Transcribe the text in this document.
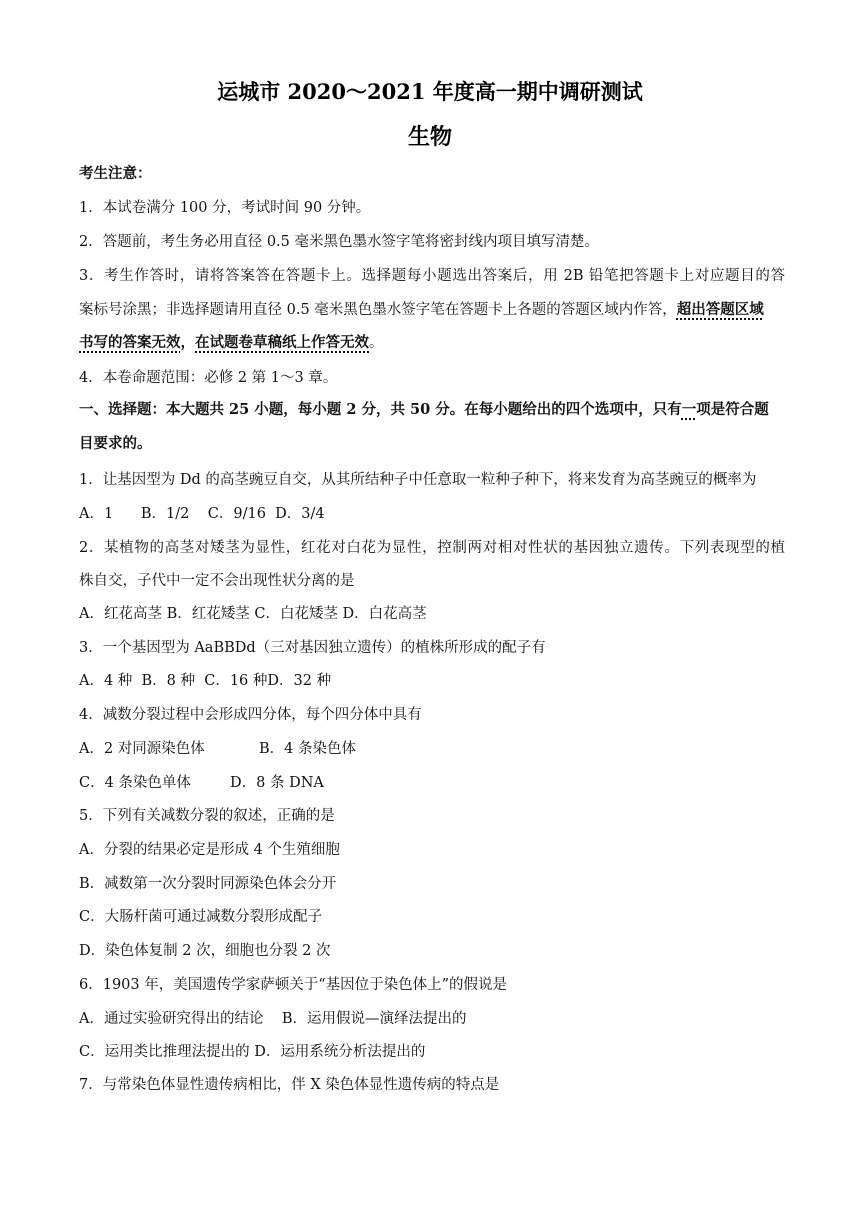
运城市 2020～2021 年度高一期中调研测试
生物
考生注意：
1．本试卷满分 100 分，考试时间 90 分钟。
2．答题前，考生务必用直径 0.5 毫米黑色墨水签字笔将密封线内项目填写清楚。
3．考生作答时，请将答案答在答题卡上。选择题每小题选出答案后，用 2B 铅笔把答题卡上对应题目的答
案标号涂黑；非选择题请用直径 0.5 毫米黑色墨水签字笔在答题卡上各题的答题区域内作答，超出答题区域
书写的答案无效，在试题卷草稿纸上作答无效。
4．本卷命题范围：必修 2 第 1～3 章。
一、选择题：本大题共 25 小题，每小题 2 分，共 50 分。在每小题给出的四个选项中，只有一项是符合题
目要求的。
1．让基因型为 Dd 的高茎豌豆自交，从其所结种子中任意取一粒种子种下，将来发育为高茎豌豆的概率为
A．1      B．1/2    C．9/16  D．3/4
2．某植物的高茎对矮茎为显性，红花对白花为显性，控制两对相对性状的基因独立遗传。下列表现型的植
株自交，子代中一定不会出现性状分离的是
A．红花高茎 B．红花矮茎 C．白花矮茎 D．白花高茎
3．一个基因型为 AaBBDd（三对基因独立遗传）的植株所形成的配子有
A．4 种  B．8 种  C．16 种D．32 种
4．减数分裂过程中会形成四分体，每个四分体中具有
A．2 对同源染色体	B．4 条染色体
C．4 条染色单体	D．8 条 DNA
5．下列有关减数分裂的叙述，正确的是
A．分裂的结果必定是形成 4 个生殖细胞
B．减数第一次分裂时同源染色体会分开
C．大肠杆菌可通过减数分裂形成配子
D．染色体复制 2 次，细胞也分裂 2 次
6．1903 年，美国遗传学家萨顿关于“基因位于染色体上”的假说是
A．通过实验研究得出的结论    B．运用假说—演绎法提出的
C．运用类比推理法提出的 D．运用系统分析法提出的
7．与常染色体显性遗传病相比，伴 X 染色体显性遗传病的特点是
